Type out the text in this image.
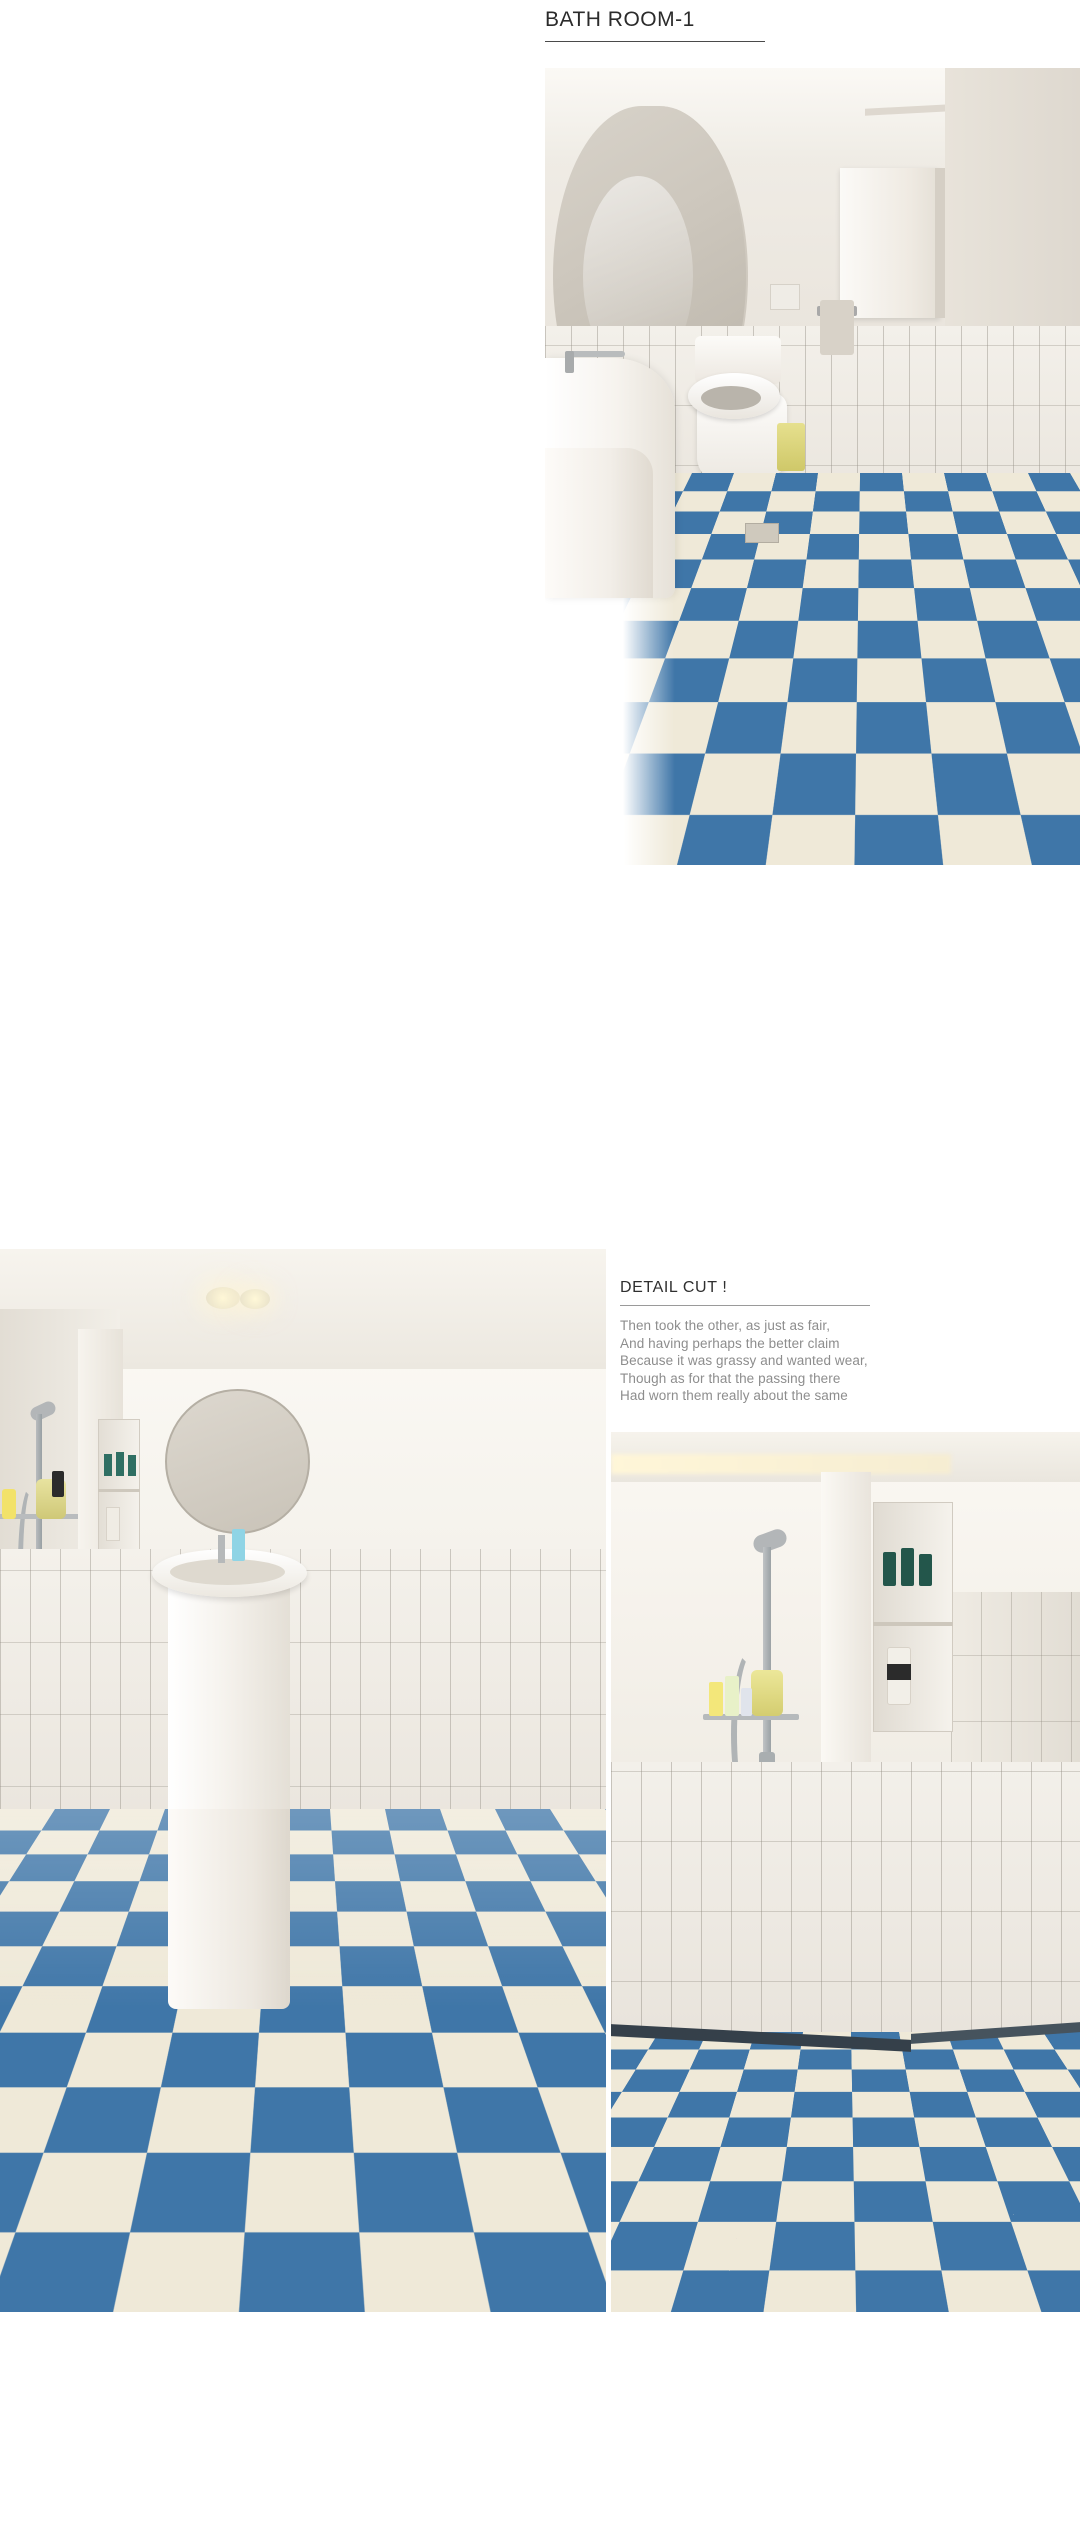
BATH ROOM-1
DETAIL CUT !

Then took the other, as just as fair,

And having perhaps the better claim

Because it was grassy and wanted wear,

Though as for that the passing there

Had worn them really about the same
